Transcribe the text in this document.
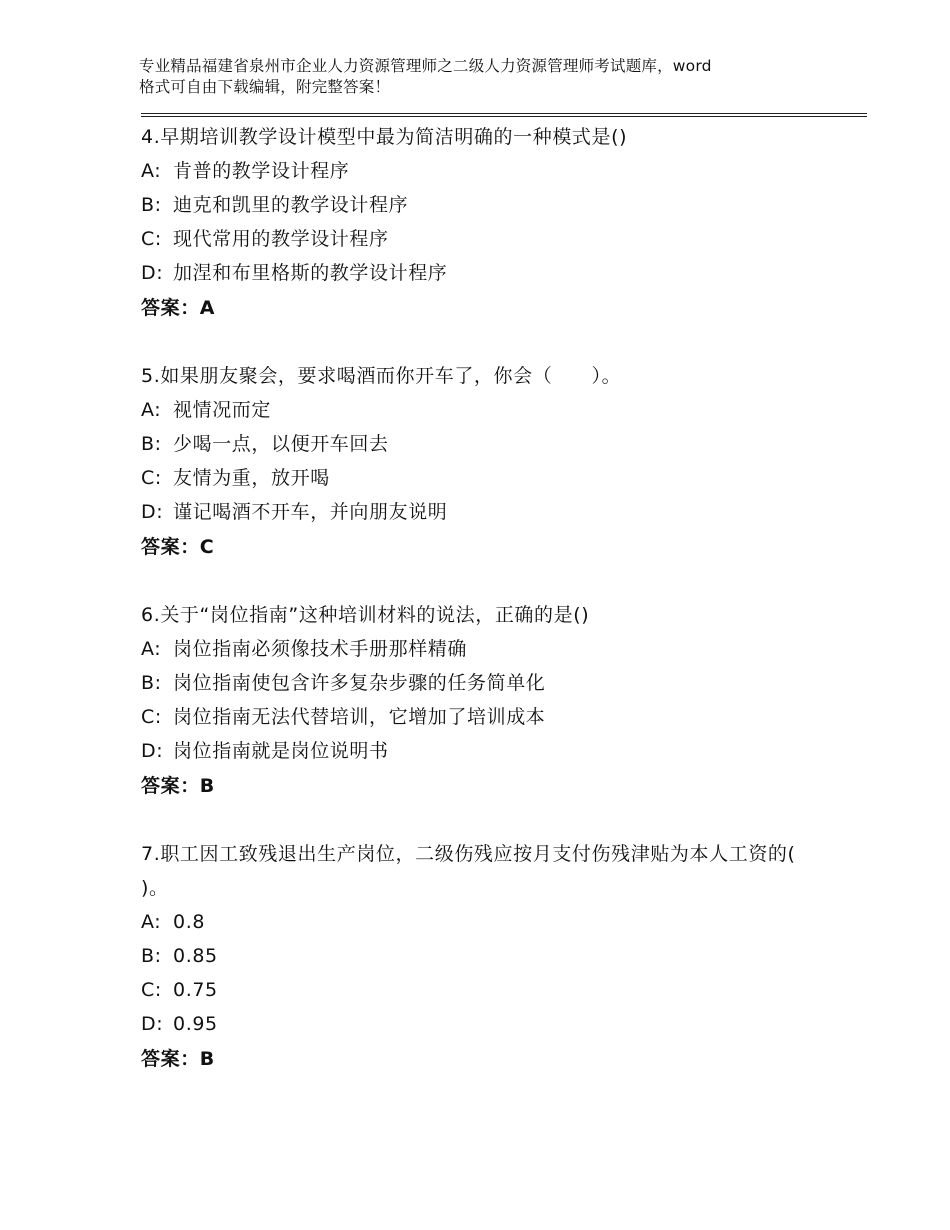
专业精品福建省泉州市企业人力资源管理师之二级人力资源管理师考试题库，word
格式可自由下载编辑，附完整答案！
4.早期培训教学设计模型中最为简洁明确的一种模式是()
A: 肯普的教学设计程序
B: 迪克和凯里的教学设计程序
C: 现代常用的教学设计程序
D: 加涅和布里格斯的教学设计程序
答案：A
5.如果朋友聚会，要求喝酒而你开车了，你会（　　）。
A: 视情况而定
B: 少喝一点，以便开车回去
C: 友情为重，放开喝
D: 谨记喝酒不开车，并向朋友说明
答案：C
6.关于“岗位指南”这种培训材料的说法，正确的是()
A: 岗位指南必须像技术手册那样精确
B: 岗位指南使包含许多复杂步骤的任务简单化
C: 岗位指南无法代替培训，它增加了培训成本
D: 岗位指南就是岗位说明书
答案：B
7.职工因工致残退出生产岗位，二级伤残应按月支付伤残津贴为本人工资的( )。
A: 0.8
B: 0.85
C: 0.75
D: 0.95
答案：B
